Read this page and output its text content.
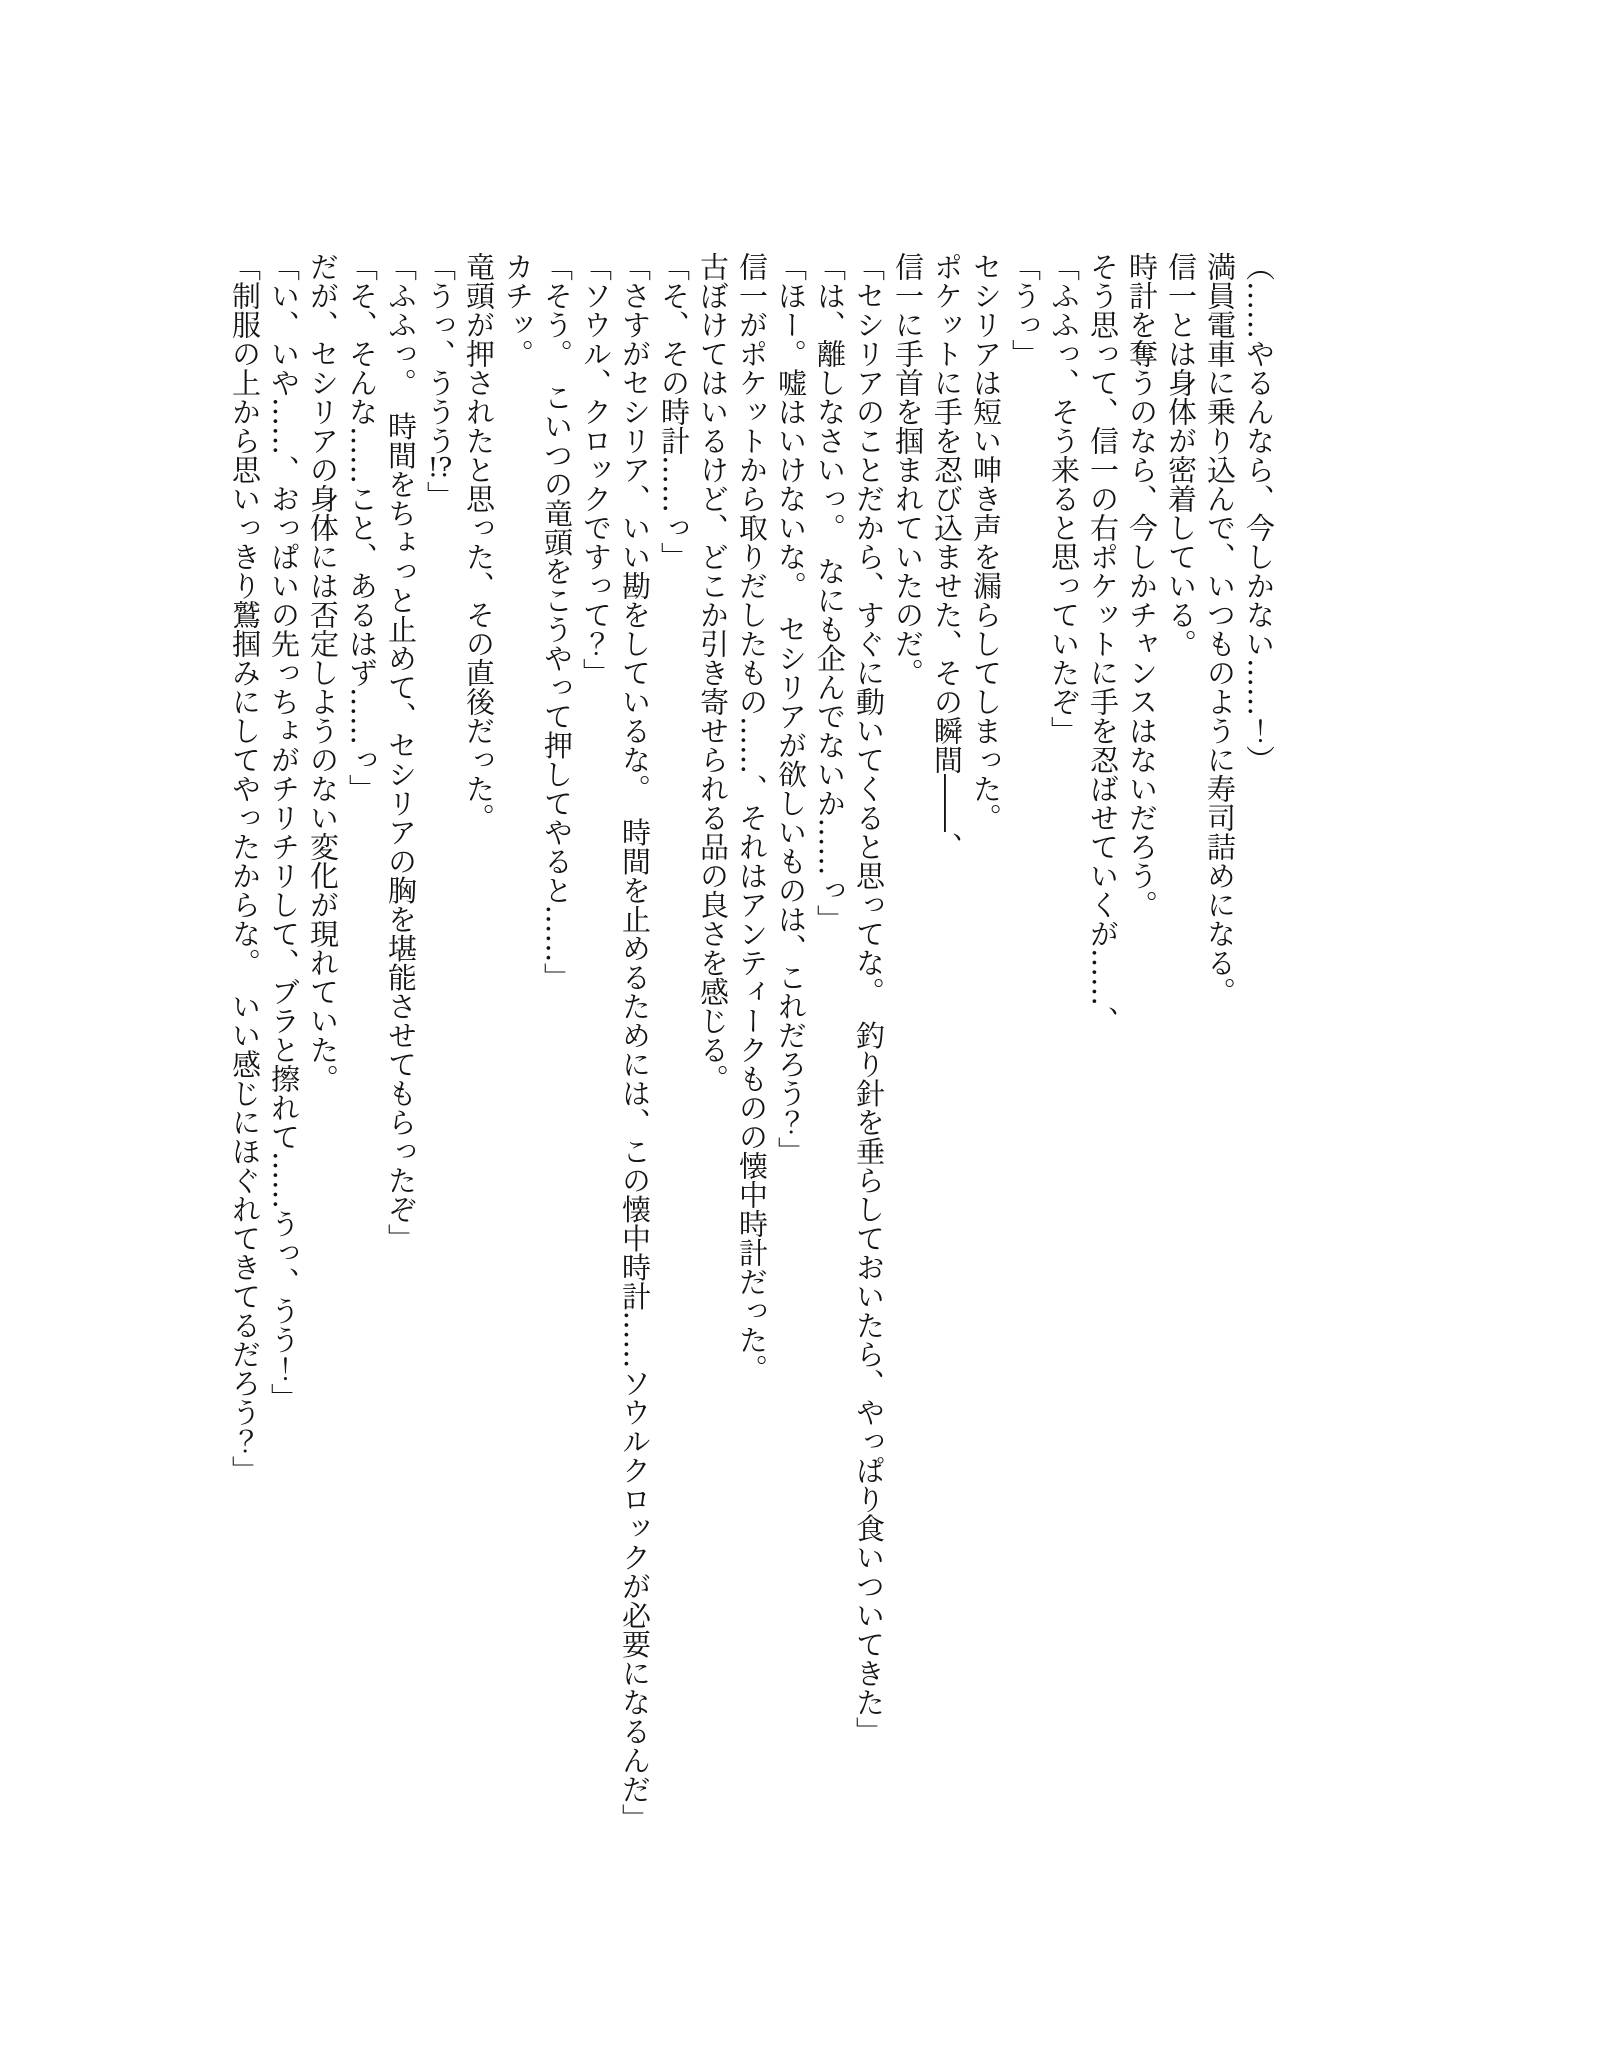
（……やるんなら、今しかない……！）

満員電車に乗り込んで、いつものように寿司詰めになる。

信一とは身体が密着している。

時計を奪うのなら、今しかチャンスはないだろう。

そう思って、信一の右ポケットに手を忍ばせていくが……、

「ふふっ、そう来ると思っていたぞ」

「うっ」

セシリアは短い呻き声を漏らしてしまった。

ポケットに手を忍び込ませた、その瞬間――、

信一に手首を掴まれていたのだ。

「セシリアのことだから、すぐに動いてくると思ってな。　釣り針を垂らしておいたら、やっぱり食いついてきた」

「は、離しなさいっ。　なにも企んでないか……っ」

「ほー。嘘はいけないな。　セシリアが欲しいものは、これだろう？」

信一がポケットから取りだしたもの……、それはアンティークものの懐中時計だった。

古ぼけてはいるけど、どこか引き寄せられる品の良さを感じる。

「そ、その時計……っ」

「さすがセシリア、いい勘をしているな。　時間を止めるためには、この懐中時計……ソウルクロックが必要になるんだ」

「ソウル、クロックですって？」

「そう。　こいつの竜頭をこうやって押してやると……」

カチッ。

竜頭が押されたと思った、その直後だった。

「うっ、ううう!?」

「ふふっ。　時間をちょっと止めて、セシリアの胸を堪能させてもらったぞ」

「そ、そんな……こと、あるはず……っ」

だが、セシリアの身体には否定しようのない変化が現れていた。

「い、いや……、おっぱいの先っちょがチリチリして、ブラと擦れて……うっ、うう！」

「制服の上から思いっきり鷲掴みにしてやったからな。　いい感じにほぐれてきてるだろう？」
